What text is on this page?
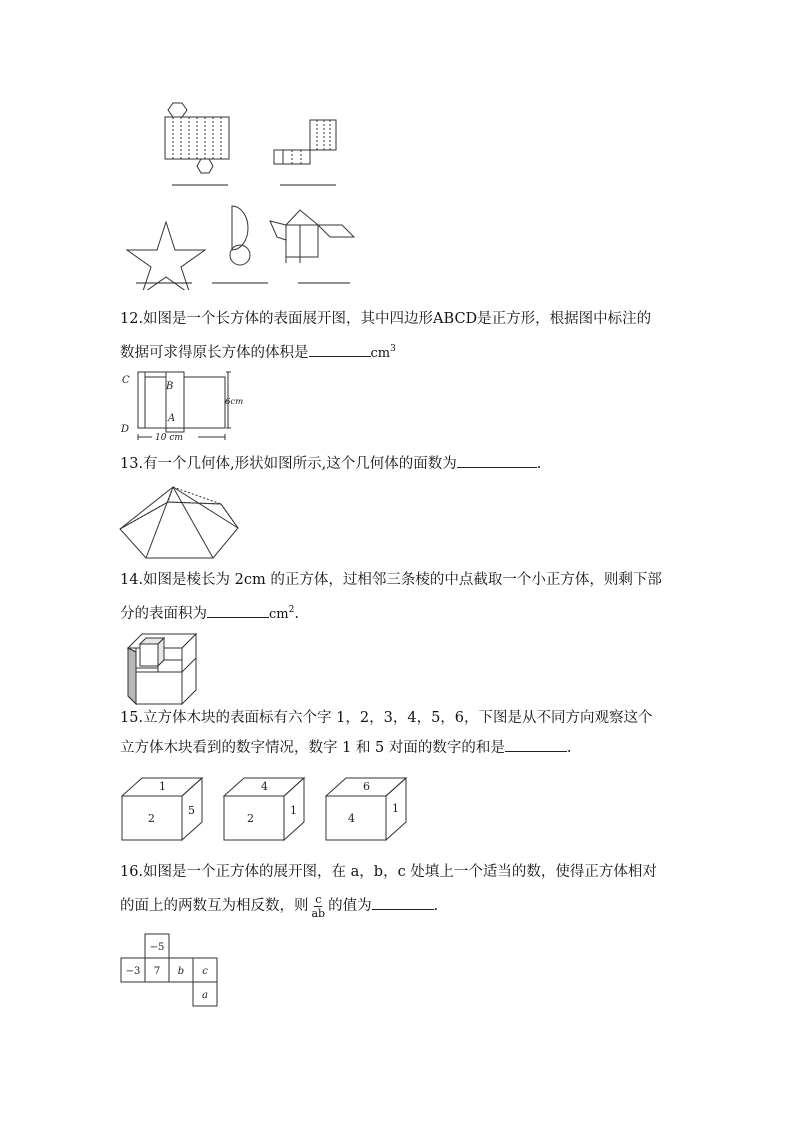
12.如图是一个长方体的表面展开图，其中四边形ABCD是正方形，根据图中标注的
数据可求得原长方体的体积是	$cm^3$
C
B
A
D
6cm
10 cm
13.有一个几何体,形状如图所示,这个几何体的面数为	.
14.如图是棱长为 2cm 的正方体，过相邻三条棱的中点截取一个小正方体，则剩下部
分的表面积为	$cm^2$.
15.立方体木块的表面标有六个字 1，2，3，4，5，6，下图是从不同方向观察这个
立方体木块看到的数字情况，数字 1 和 5 对面的数字的和是	.
1
2
5
4
2
1
6
4
1
16.如图是一个正方体的展开图，在 a，b，c 处填上一个适当的数，使得正方体相对
的面上的两数互为相反数，则 $\frac{c}{ab}$ 的值为	.
−5
−3 7 b c
a
